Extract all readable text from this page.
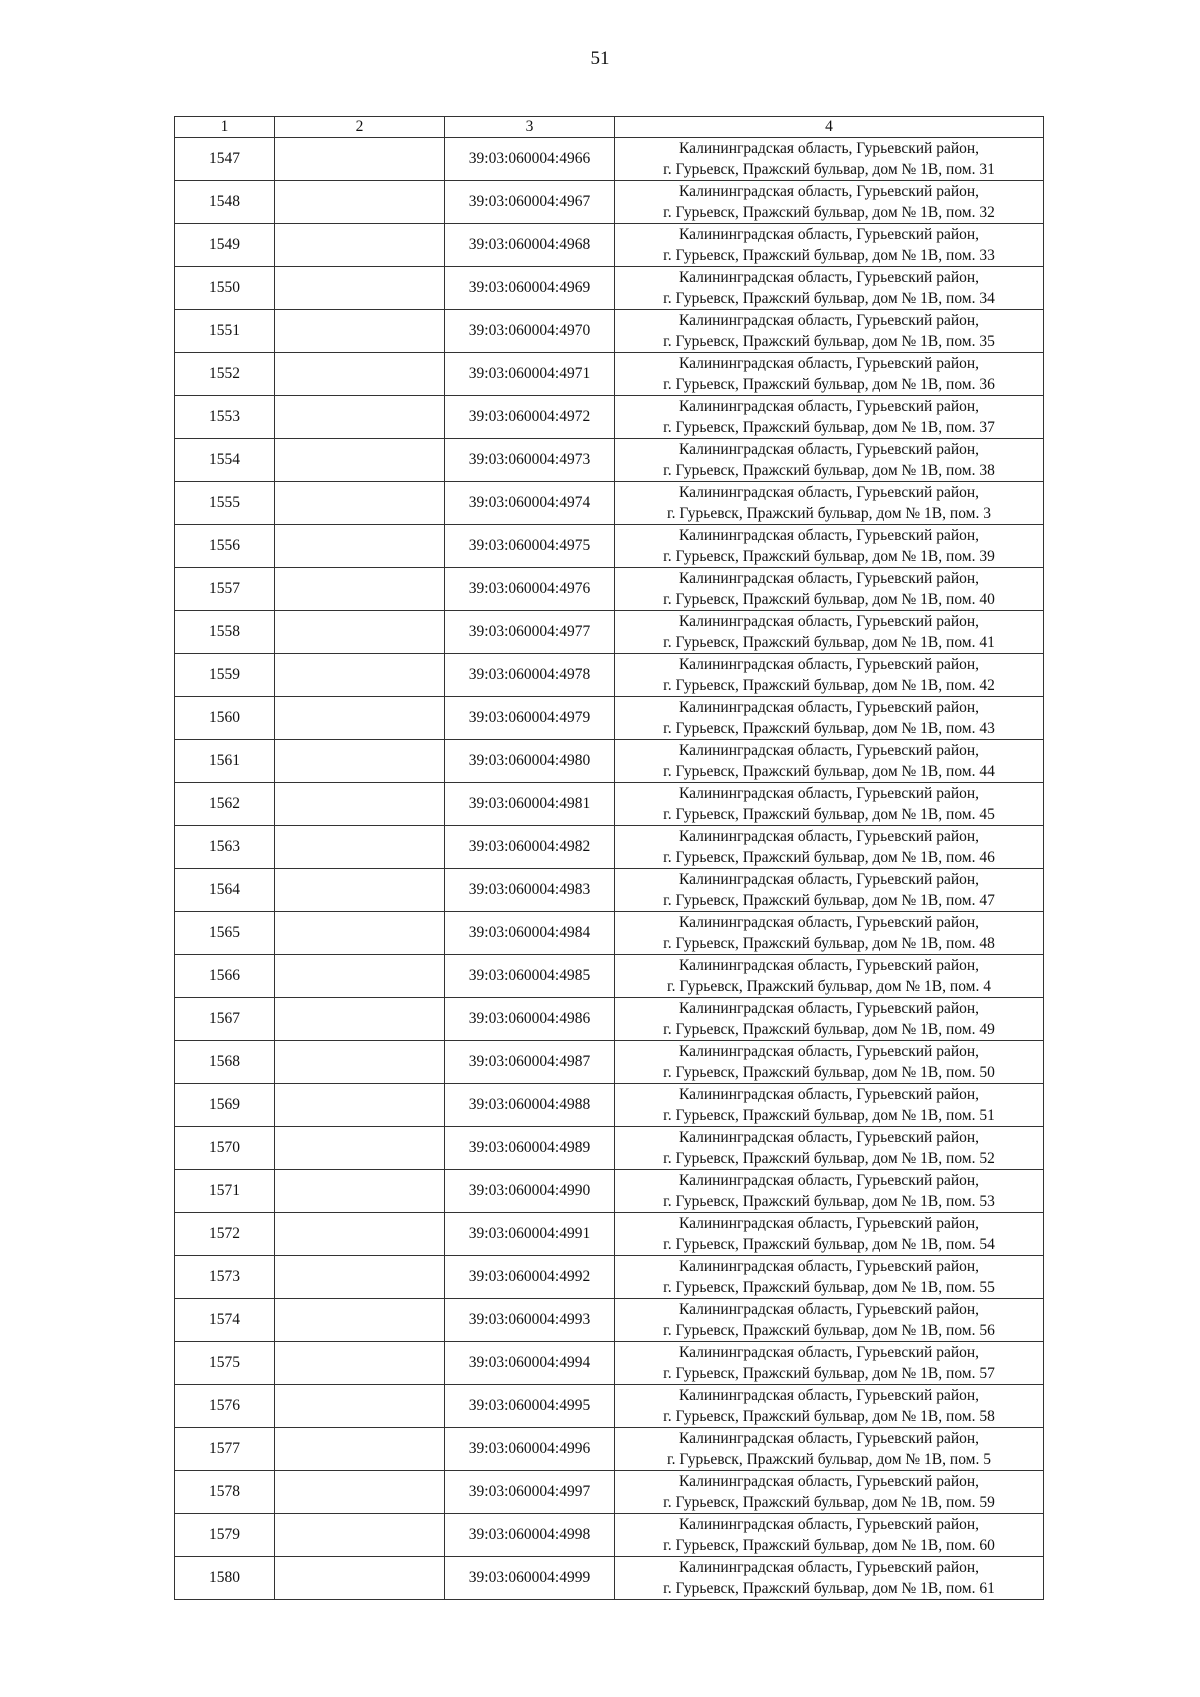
51
1	2	3	4
1547		39:03:060004:4966	Калининградская область, Гурьевский район,
г. Гурьевск, Пражский бульвар, дом № 1В, пом. 31

1548		39:03:060004:4967	Калининградская область, Гурьевский район,
г. Гурьевск, Пражский бульвар, дом № 1В, пом. 32

1549		39:03:060004:4968	Калининградская область, Гурьевский район,
г. Гурьевск, Пражский бульвар, дом № 1В, пом. 33

1550		39:03:060004:4969	Калининградская область, Гурьевский район,
г. Гурьевск, Пражский бульвар, дом № 1В, пом. 34

1551		39:03:060004:4970	Калининградская область, Гурьевский район,
г. Гурьевск, Пражский бульвар, дом № 1В, пом. 35

1552		39:03:060004:4971	Калининградская область, Гурьевский район,
г. Гурьевск, Пражский бульвар, дом № 1В, пом. 36

1553		39:03:060004:4972	Калининградская область, Гурьевский район,
г. Гурьевск, Пражский бульвар, дом № 1В, пом. 37

1554		39:03:060004:4973	Калининградская область, Гурьевский район,
г. Гурьевск, Пражский бульвар, дом № 1В, пом. 38

1555		39:03:060004:4974	Калининградская область, Гурьевский район,
г. Гурьевск, Пражский бульвар, дом № 1В, пом. 3

1556		39:03:060004:4975	Калининградская область, Гурьевский район,
г. Гурьевск, Пражский бульвар, дом № 1В, пом. 39

1557		39:03:060004:4976	Калининградская область, Гурьевский район,
г. Гурьевск, Пражский бульвар, дом № 1В, пом. 40

1558		39:03:060004:4977	Калининградская область, Гурьевский район,
г. Гурьевск, Пражский бульвар, дом № 1В, пом. 41

1559		39:03:060004:4978	Калининградская область, Гурьевский район,
г. Гурьевск, Пражский бульвар, дом № 1В, пом. 42

1560		39:03:060004:4979	Калининградская область, Гурьевский район,
г. Гурьевск, Пражский бульвар, дом № 1В, пом. 43

1561		39:03:060004:4980	Калининградская область, Гурьевский район,
г. Гурьевск, Пражский бульвар, дом № 1В, пом. 44

1562		39:03:060004:4981	Калининградская область, Гурьевский район,
г. Гурьевск, Пражский бульвар, дом № 1В, пом. 45

1563		39:03:060004:4982	Калининградская область, Гурьевский район,
г. Гурьевск, Пражский бульвар, дом № 1В, пом. 46

1564		39:03:060004:4983	Калининградская область, Гурьевский район,
г. Гурьевск, Пражский бульвар, дом № 1В, пом. 47

1565		39:03:060004:4984	Калининградская область, Гурьевский район,
г. Гурьевск, Пражский бульвар, дом № 1В, пом. 48

1566		39:03:060004:4985	Калининградская область, Гурьевский район,
г. Гурьевск, Пражский бульвар, дом № 1В, пом. 4

1567		39:03:060004:4986	Калининградская область, Гурьевский район,
г. Гурьевск, Пражский бульвар, дом № 1В, пом. 49

1568		39:03:060004:4987	Калининградская область, Гурьевский район,
г. Гурьевск, Пражский бульвар, дом № 1В, пом. 50

1569		39:03:060004:4988	Калининградская область, Гурьевский район,
г. Гурьевск, Пражский бульвар, дом № 1В, пом. 51

1570		39:03:060004:4989	Калининградская область, Гурьевский район,
г. Гурьевск, Пражский бульвар, дом № 1В, пом. 52

1571		39:03:060004:4990	Калининградская область, Гурьевский район,
г. Гурьевск, Пражский бульвар, дом № 1В, пом. 53

1572		39:03:060004:4991	Калининградская область, Гурьевский район,
г. Гурьевск, Пражский бульвар, дом № 1В, пом. 54

1573		39:03:060004:4992	Калининградская область, Гурьевский район,
г. Гурьевск, Пражский бульвар, дом № 1В, пом. 55

1574		39:03:060004:4993	Калининградская область, Гурьевский район,
г. Гурьевск, Пражский бульвар, дом № 1В, пом. 56

1575		39:03:060004:4994	Калининградская область, Гурьевский район,
г. Гурьевск, Пражский бульвар, дом № 1В, пом. 57

1576		39:03:060004:4995	Калининградская область, Гурьевский район,
г. Гурьевск, Пражский бульвар, дом № 1В, пом. 58

1577		39:03:060004:4996	Калининградская область, Гурьевский район,
г. Гурьевск, Пражский бульвар, дом № 1В, пом. 5

1578		39:03:060004:4997	Калининградская область, Гурьевский район,
г. Гурьевск, Пражский бульвар, дом № 1В, пом. 59

1579		39:03:060004:4998	Калининградская область, Гурьевский район,
г. Гурьевск, Пражский бульвар, дом № 1В, пом. 60

1580		39:03:060004:4999	Калининградская область, Гурьевский район,
г. Гурьевск, Пражский бульвар, дом № 1В, пом. 61
